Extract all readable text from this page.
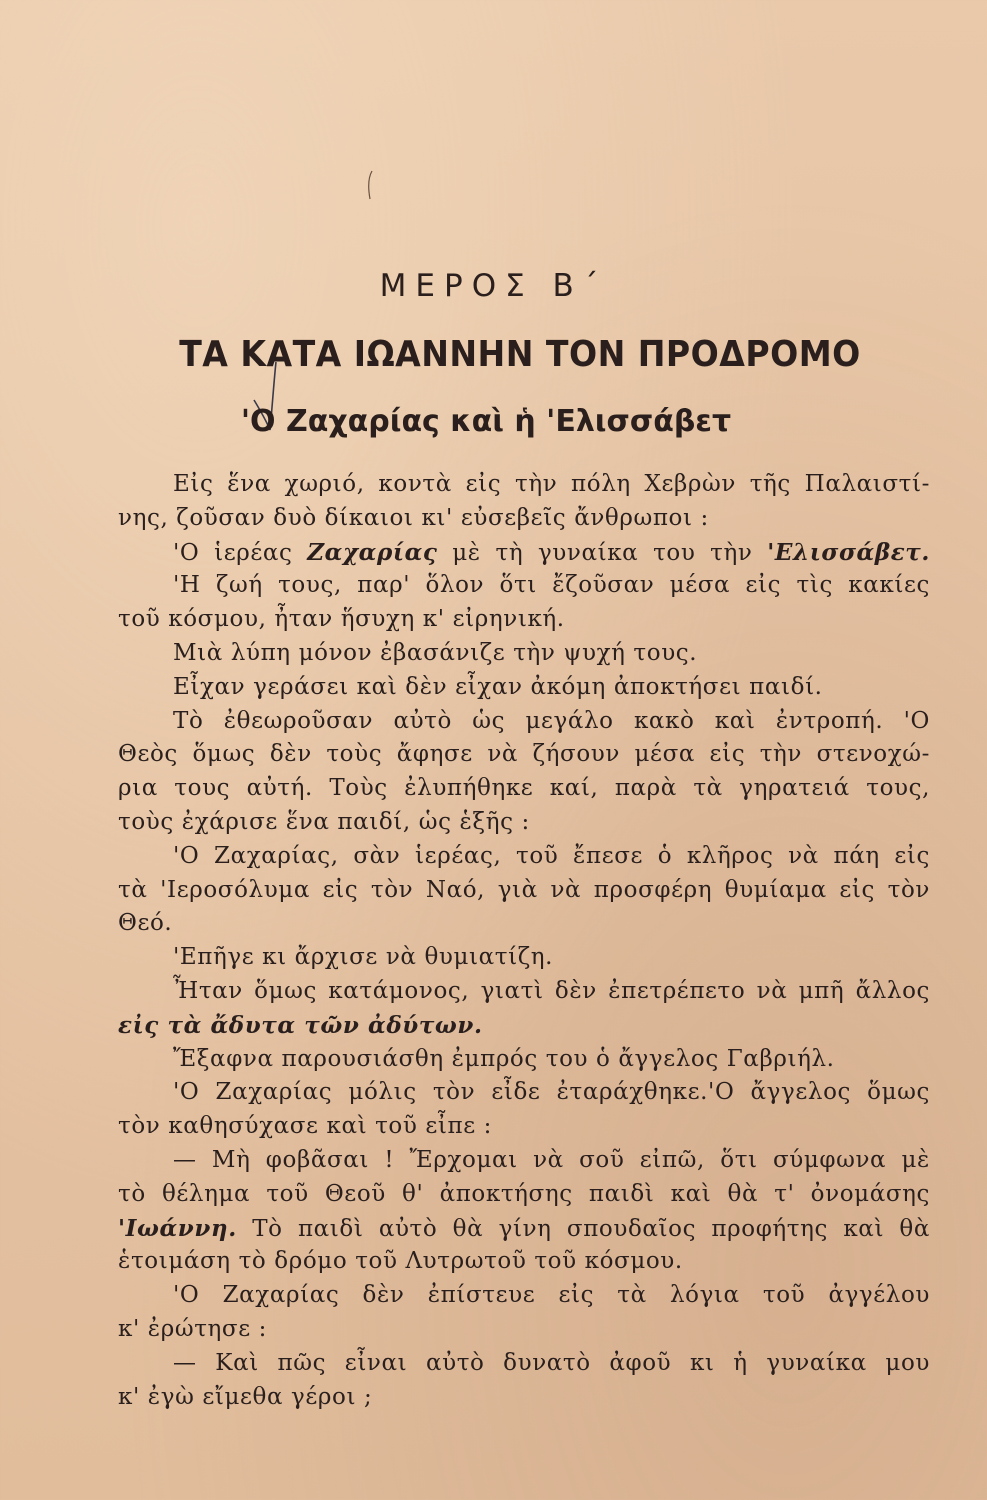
ΜΕΡΟΣ Β΄
ΤΑ ΚΑΤΑ ΙΩΑΝΝΗΝ ΤΟΝ ΠΡΟΔΡΟΜΟ
'Ο Ζαχαρίας καὶ ἡ 'Ελισσάβετ
Εἰς ἕνα χωριό, κοντὰ εἰς τὴν πόλη Χεβρὼν τῆς Παλαιστί-
νης, ζοῦσαν δυὸ δίκαιοι κι' εὐσεβεῖς ἄνθρωποι :
'Ο ἱερέας Ζαχαρίας μὲ τὴ γυναίκα του τὴν 'Ελισσάβετ.
'Η ζωή τους, παρ' ὅλον ὅτι ἔζοῦσαν μέσα εἰς τὶς κακίες
τοῦ κόσμου, ἦταν ἥσυχη κ' εἰρηνική.
Μιὰ λύπη μόνον ἐβασάνιζε τὴν ψυχή τους.
Εἶχαν γεράσει καὶ δὲν εἶχαν ἀκόμη ἀποκτήσει παιδί.
Τὸ ἐθεωροῦσαν αὐτὸ ὡς μεγάλο κακὸ καὶ ἐντροπή. 'Ο
Θεὸς ὅμως δὲν τοὺς ἄφησε νὰ ζήσουν μέσα εἰς τὴν στενοχώ-
ρια τους αὐτή. Τοὺς ἐλυπήθηκε καί, παρὰ τὰ γηρατειά τους,
τοὺς ἐχάρισε ἕνα παιδί, ὡς ἑξῆς :
'Ο Ζαχαρίας, σὰν ἱερέας, τοῦ ἔπεσε ὁ κλῆρος νὰ πάη εἰς
τὰ 'Ιεροσόλυμα εἰς τὸν Ναό, γιὰ νὰ προσφέρη θυμίαμα εἰς τὸν
Θεό.
'Επῆγε κι ἄρχισε νὰ θυμιατίζη.
Ἦταν ὅμως κατάμονος, γιατὶ δὲν ἐπετρέπετο νὰ μπῆ ἄλλος
εἰς τὰ ἄδυτα τῶν ἀδύτων.
Ἔξαφνα παρουσιάσθη ἐμπρός του ὁ ἄγγελος Γαβριήλ.
'Ο Ζαχαρίας μόλις τὸν εἶδε ἐταράχθηκε.'Ο ἄγγελος ὅμως
τὸν καθησύχασε καὶ τοῦ εἶπε :
— Μὴ φοβᾶσαι ! Ἔρχομαι νὰ σοῦ εἰπῶ, ὅτι σύμφωνα μὲ
τὸ θέλημα τοῦ Θεοῦ θ' ἀποκτήσης παιδὶ καὶ θὰ τ' ὀνομάσης
'Ιωάννη. Τὸ παιδὶ αὐτὸ θὰ γίνη σπουδαῖος προφήτης καὶ θὰ
ἑτοιμάση τὸ δρόμο τοῦ Λυτρωτοῦ τοῦ κόσμου.
'Ο Ζαχαρίας δὲν ἐπίστευε εἰς τὰ λόγια τοῦ ἀγγέλου
κ' ἐρώτησε :
— Καὶ πῶς εἶναι αὐτὸ δυνατὸ ἀφοῦ κι ἡ γυναίκα μου
κ' ἐγὼ εἴμεθα γέροι ;
